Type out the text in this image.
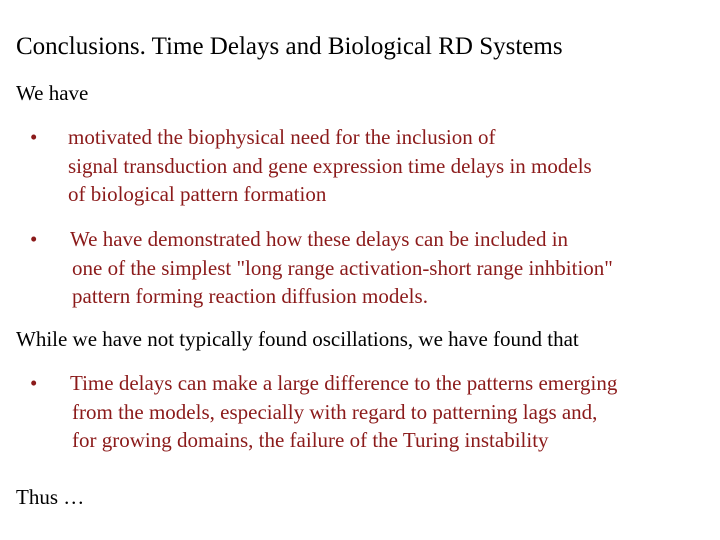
Conclusions. Time Delays and Biological RD Systems
We have
•	motivated the biophysical need for the inclusion of
signal transduction and gene expression time delays in models
of biological pattern formation
•	We have demonstrated how these delays can be included in
one of the simplest "long range activation-short range inhbition"
pattern forming reaction diffusion models.
While we have not typically found oscillations, we have found that
•	Time delays can make a large difference to the patterns emerging
from the models, especially with regard to patterning lags and,
for growing domains, the failure of the Turing instability
Thus …
